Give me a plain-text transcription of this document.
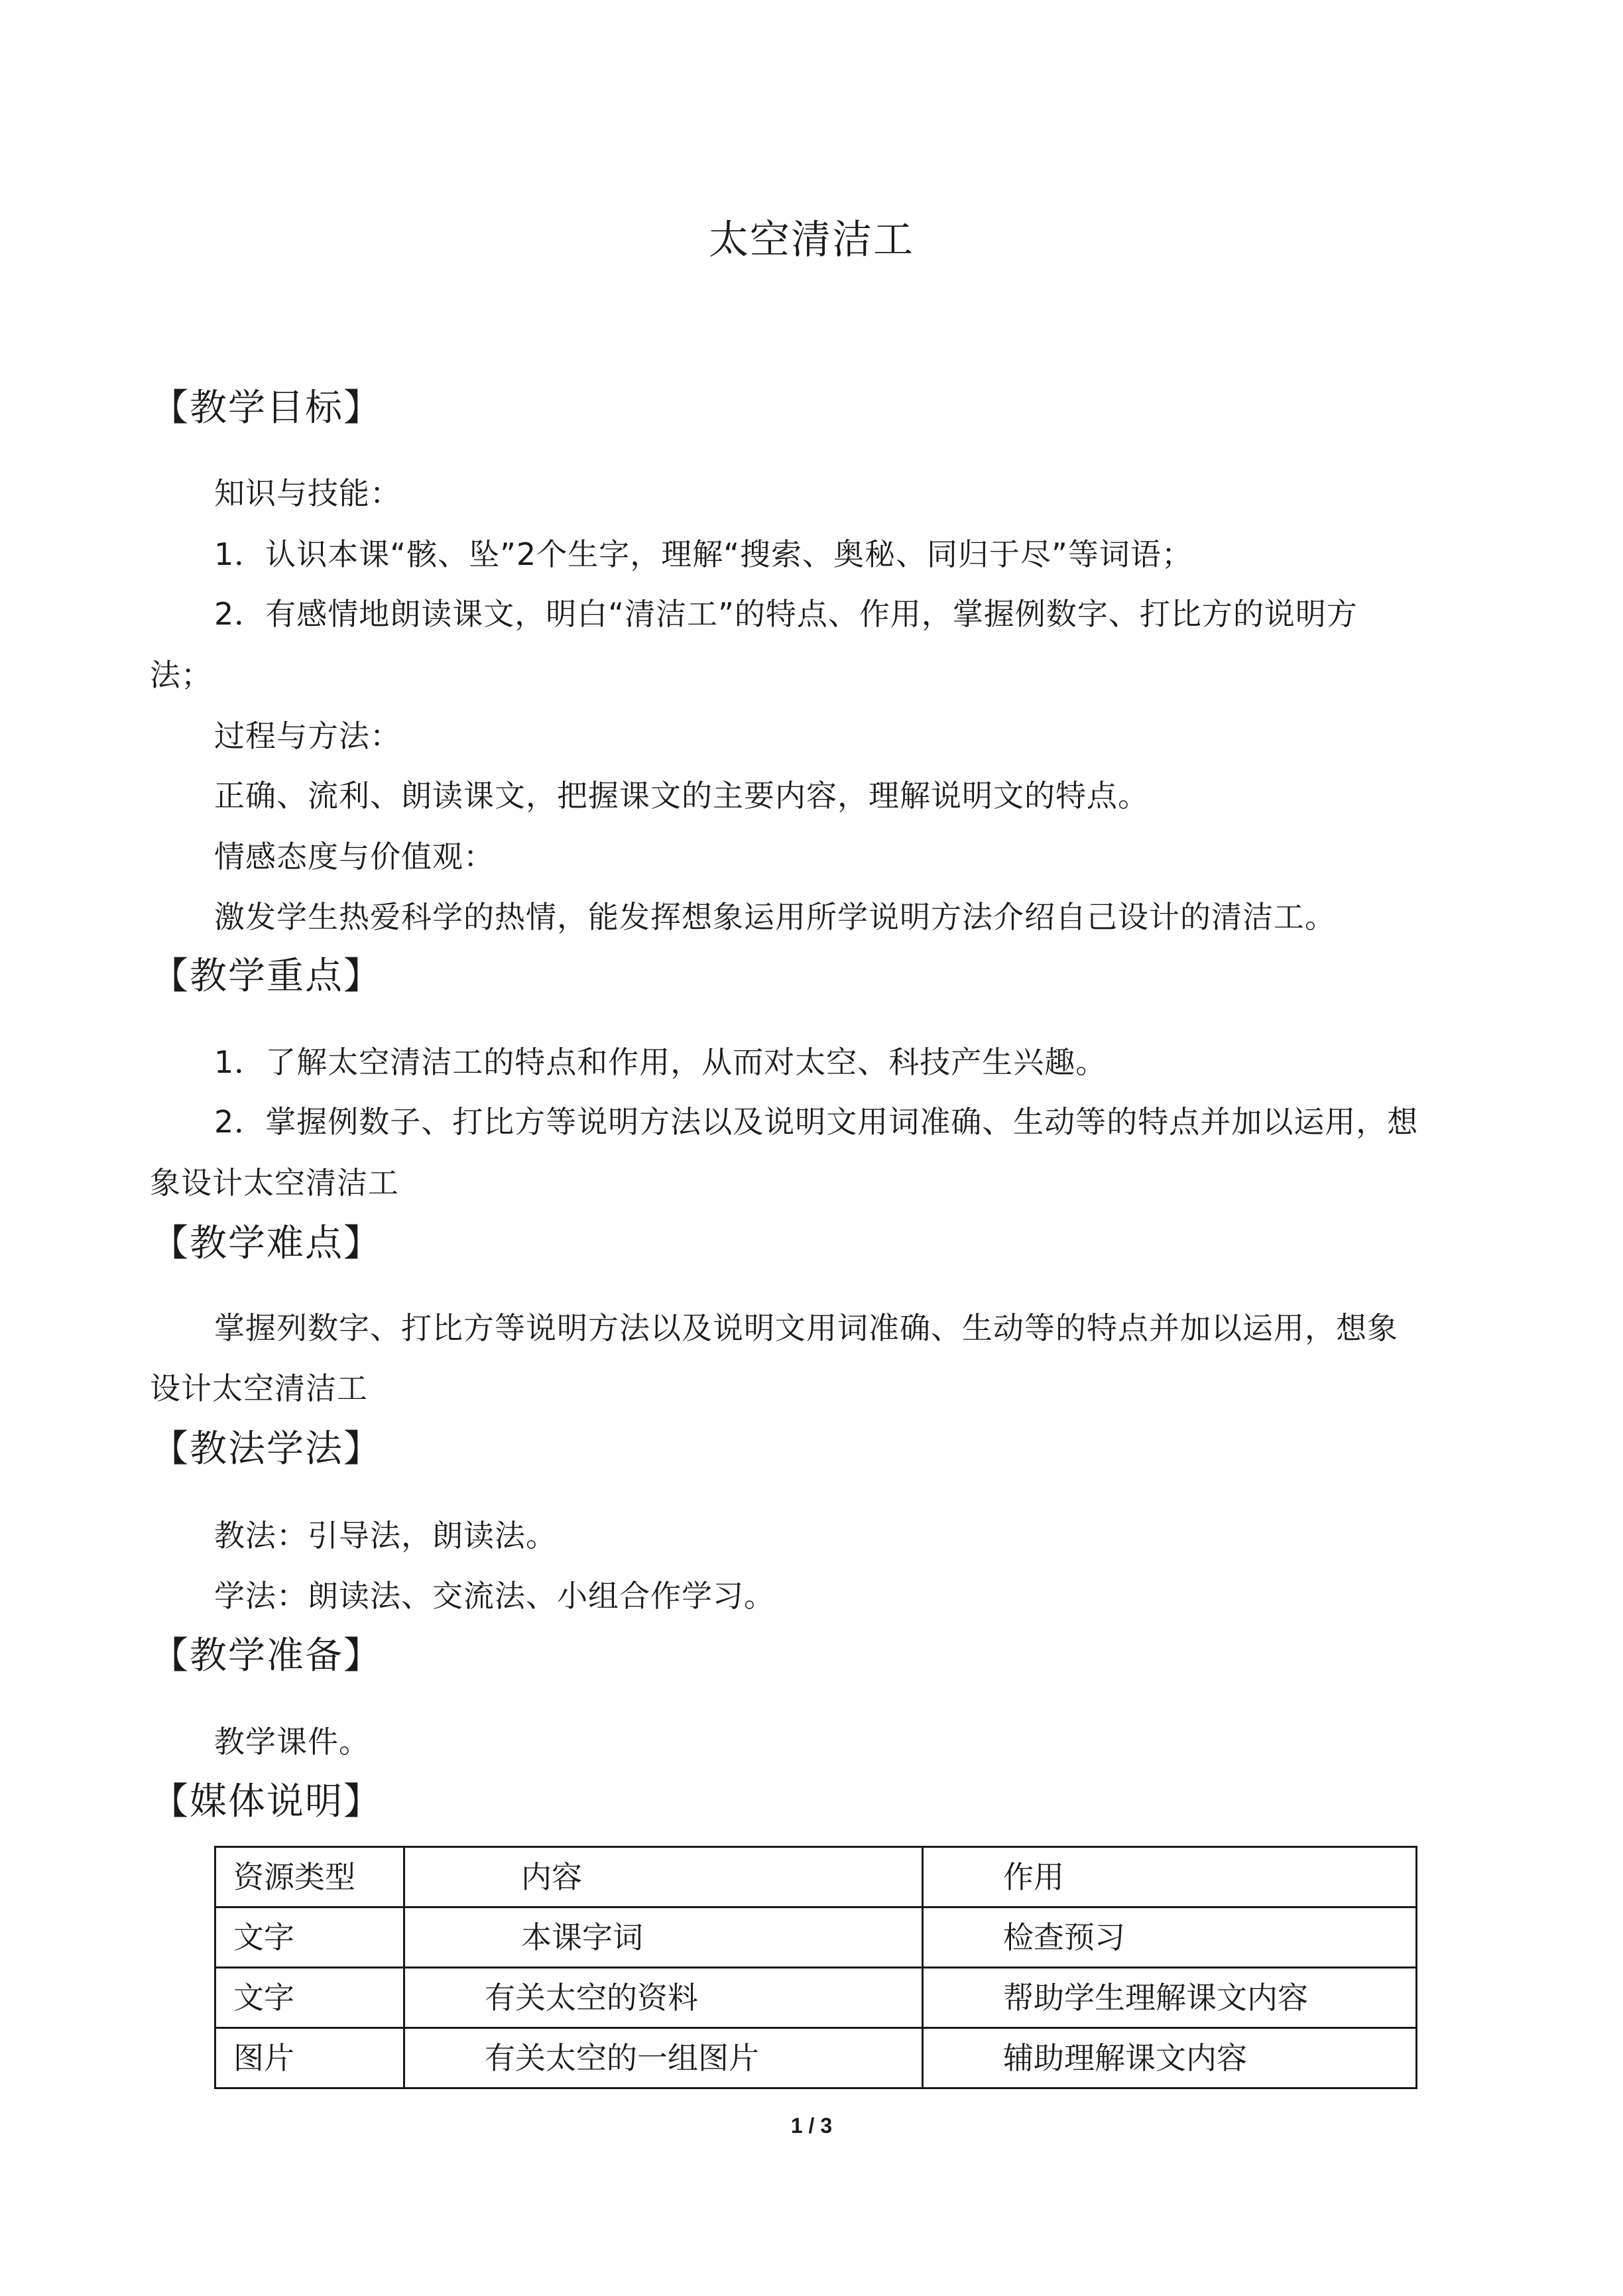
太空清洁工
【教学目标】
知识与技能：
1．认识本课“骸、坠”2个生字，理解“搜索、奥秘、同归于尽”等词语；
2．有感情地朗读课文，明白“清洁工”的特点、作用，掌握例数字、打比方的说明方
法；
过程与方法：
正确、流利、朗读课文，把握课文的主要内容，理解说明文的特点。
情感态度与价值观：
激发学生热爱科学的热情，能发挥想象运用所学说明方法介绍自己设计的清洁工。
【教学重点】
1．了解太空清洁工的特点和作用，从而对太空、科技产生兴趣。
2．掌握例数子、打比方等说明方法以及说明文用词准确、生动等的特点并加以运用，想
象设计太空清洁工
【教学难点】
掌握列数字、打比方等说明方法以及说明文用词准确、生动等的特点并加以运用，想象
设计太空清洁工
【教法学法】
教法：引导法，朗读法。
学法：朗读法、交流法、小组合作学习。
【教学准备】
教学课件。
【媒体说明】
资源类型	内容	作用
文字	本课字词	检查预习
文字	有关太空的资料	帮助学生理解课文内容
图片	有关太空的一组图片	辅助理解课文内容
1 / 3
